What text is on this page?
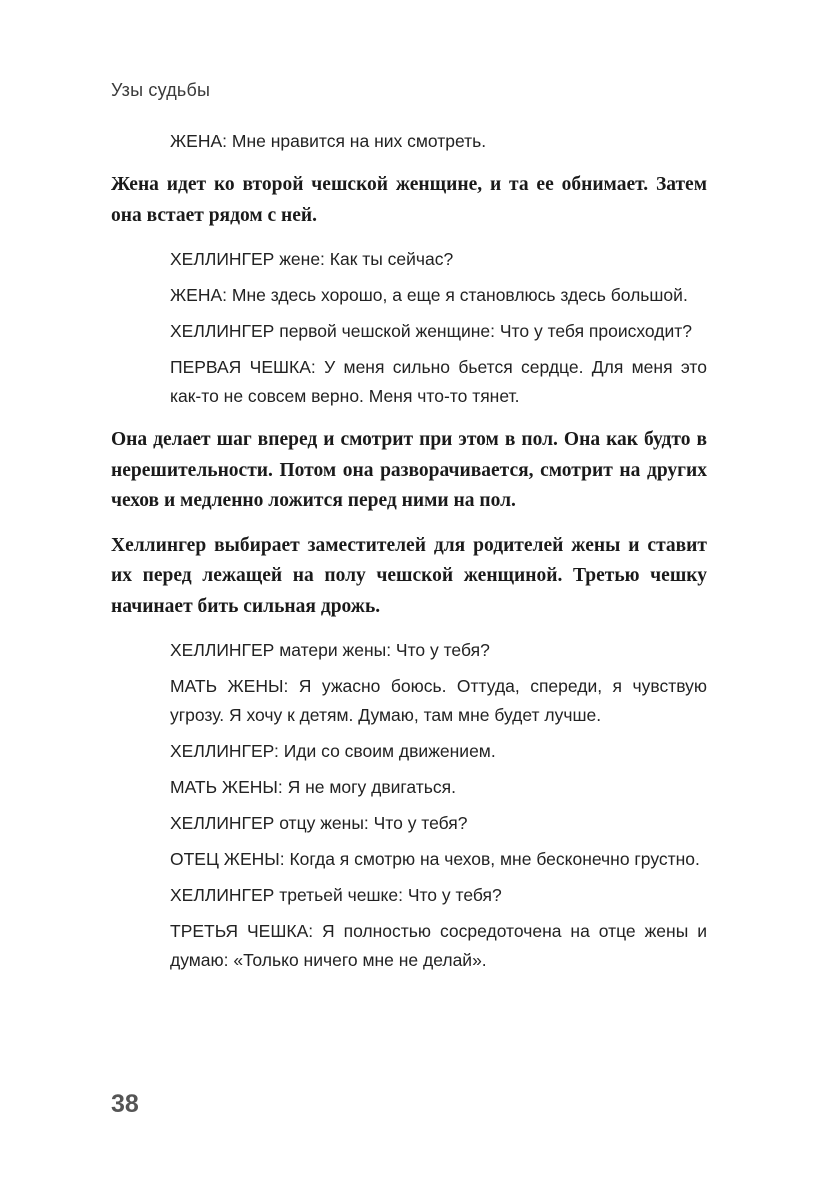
Узы судьбы

ЖЕНА: Мне нравится на них смотреть.

Жена идет ко второй чешской женщине, и та ее обнимает. Затем она встает рядом с ней.

ХЕЛЛИНГЕР жене: Как ты сейчас?

ЖЕНА: Мне здесь хорошо, а еще я становлюсь здесь большой.

ХЕЛЛИНГЕР первой чешской женщине: Что у тебя происходит?

ПЕРВАЯ ЧЕШКА: У меня сильно бьется сердце. Для меня это как-то не совсем верно. Меня что-то тянет.

Она делает шаг вперед и смотрит при этом в пол. Она как будто в нерешительности. Потом она разворачивается, смотрит на других чехов и медленно ложится перед ними на пол.

Хеллингер выбирает заместителей для родителей жены и ставит их перед лежащей на полу чешской женщиной. Третью чешку начинает бить сильная дрожь.

ХЕЛЛИНГЕР матери жены: Что у тебя?

МАТЬ ЖЕНЫ: Я ужасно боюсь. Оттуда, спереди, я чувствую угрозу. Я хочу к детям. Думаю, там мне будет лучше.

ХЕЛЛИНГЕР: Иди со своим движением.

МАТЬ ЖЕНЫ: Я не могу двигаться.

ХЕЛЛИНГЕР отцу жены: Что у тебя?

ОТЕЦ ЖЕНЫ: Когда я смотрю на чехов, мне бесконечно грустно.

ХЕЛЛИНГЕР третьей чешке: Что у тебя?

ТРЕТЬЯ ЧЕШКА: Я полностью сосредоточена на отце жены и думаю: «Только ничего мне не делай».

38
